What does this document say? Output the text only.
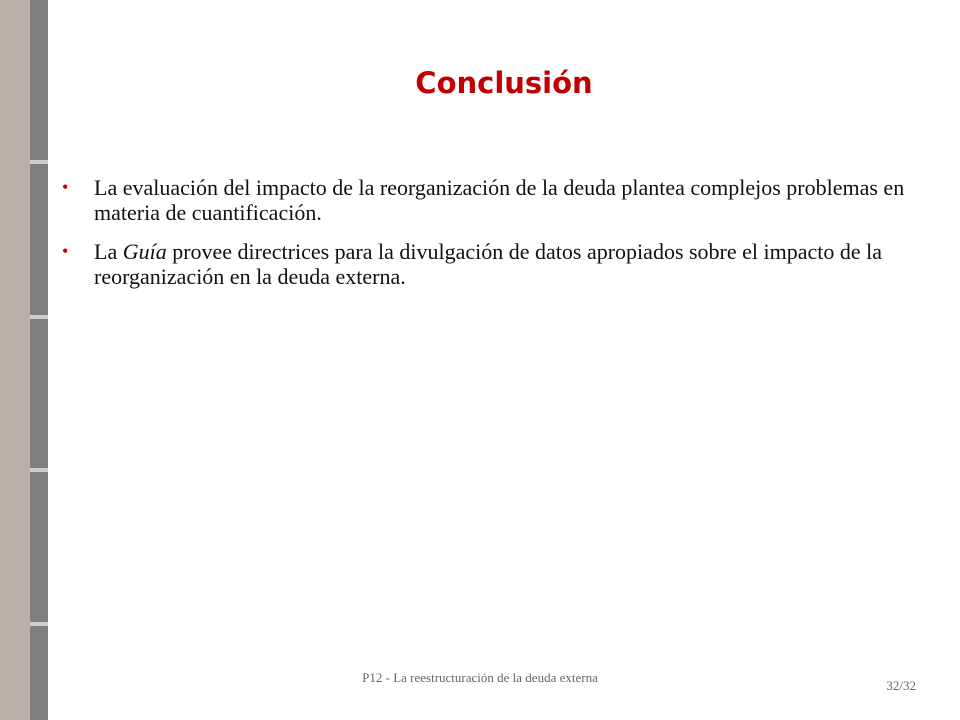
Conclusión
• La evaluación del impacto de la reorganización de la deuda plantea complejos problemas en materia de cuantificación.
• La Guía provee directrices para la divulgación de datos apropiados sobre el impacto de la reorganización en la deuda externa.
P12 - La reestructuración de la deuda externa
32/32
